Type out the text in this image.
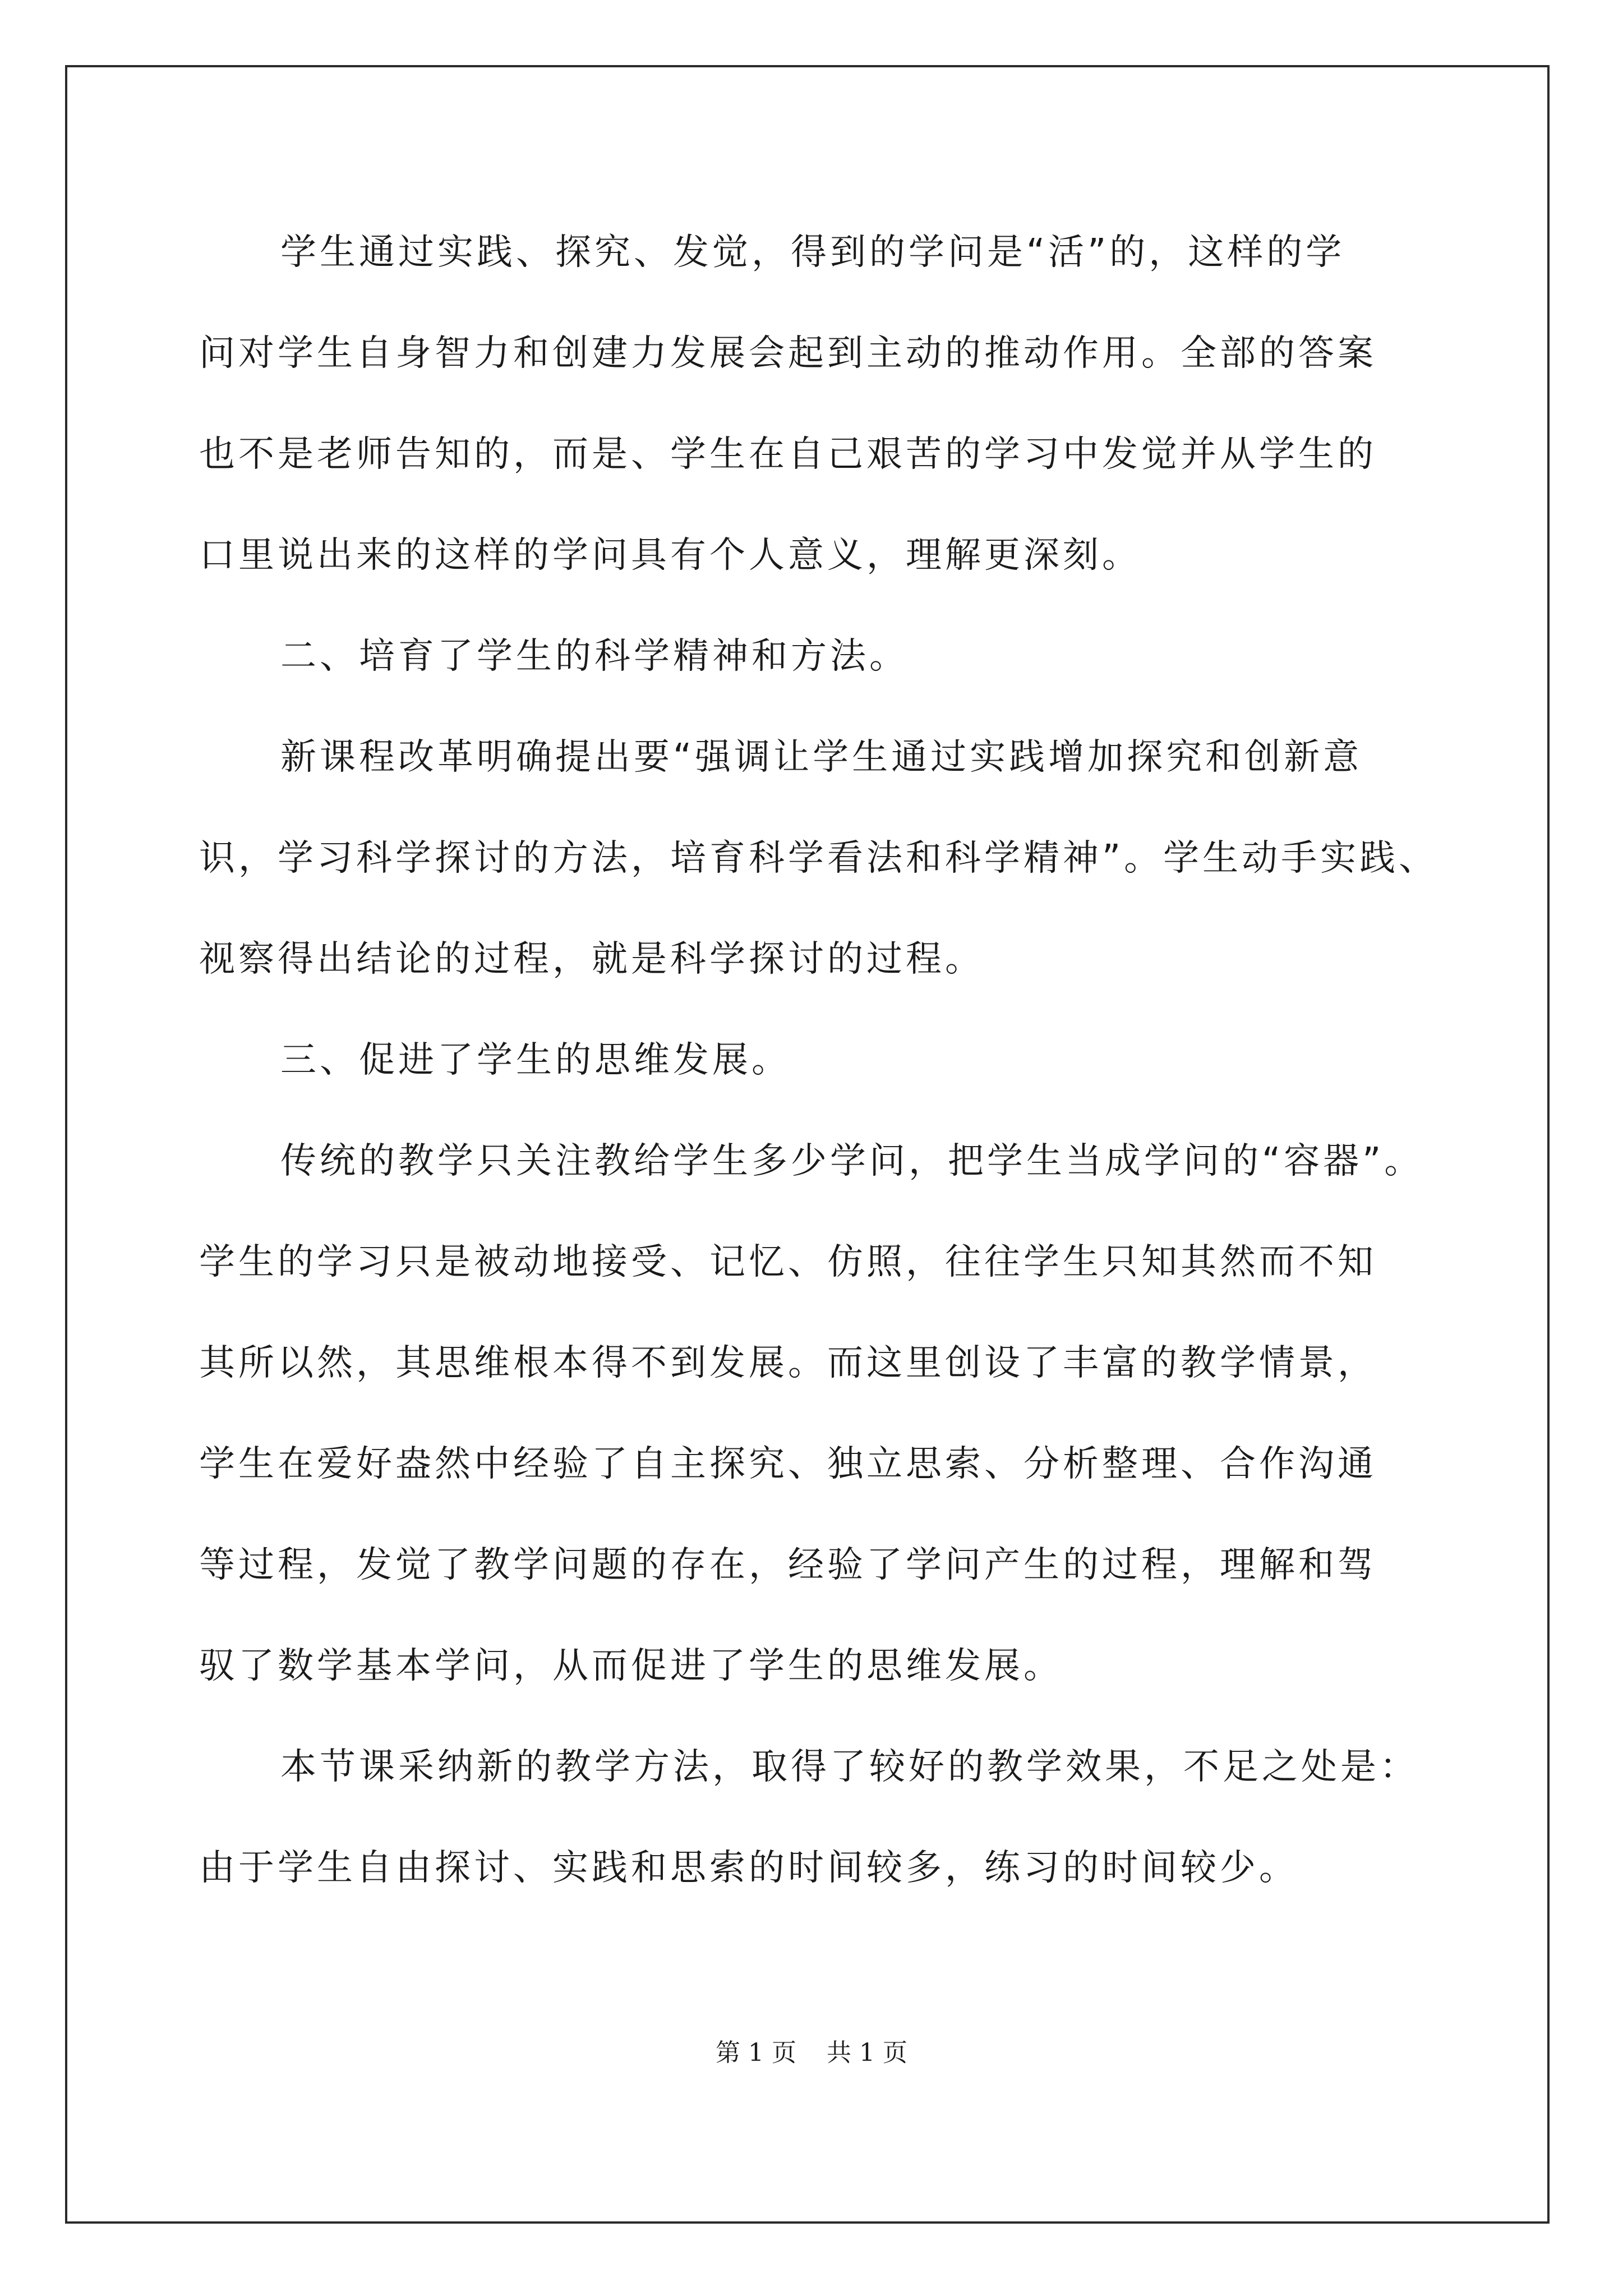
学生通过实践、探究、发觉，得到的学问是“活”的，这样的学
问对学生自身智力和创建力发展会起到主动的推动作用。全部的答案
也不是老师告知的，而是、学生在自己艰苦的学习中发觉并从学生的
口里说出来的这样的学问具有个人意义，理解更深刻。
二、培育了学生的科学精神和方法。
新课程改革明确提出要“强调让学生通过实践增加探究和创新意
识，学习科学探讨的方法，培育科学看法和科学精神”。学生动手实践、
视察得出结论的过程，就是科学探讨的过程。
三、促进了学生的思维发展。
传统的教学只关注教给学生多少学问，把学生当成学问的“容器”。
学生的学习只是被动地接受、记忆、仿照，往往学生只知其然而不知
其所以然，其思维根本得不到发展。而这里创设了丰富的教学情景，
学生在爱好盎然中经验了自主探究、独立思索、分析整理、合作沟通
等过程，发觉了教学问题的存在，经验了学问产生的过程，理解和驾
驭了数学基本学问，从而促进了学生的思维发展。
本节课采纳新的教学方法，取得了较好的教学效果，不足之处是：
由于学生自由探讨、实践和思索的时间较多，练习的时间较少。
第 1 页 共 1 页
